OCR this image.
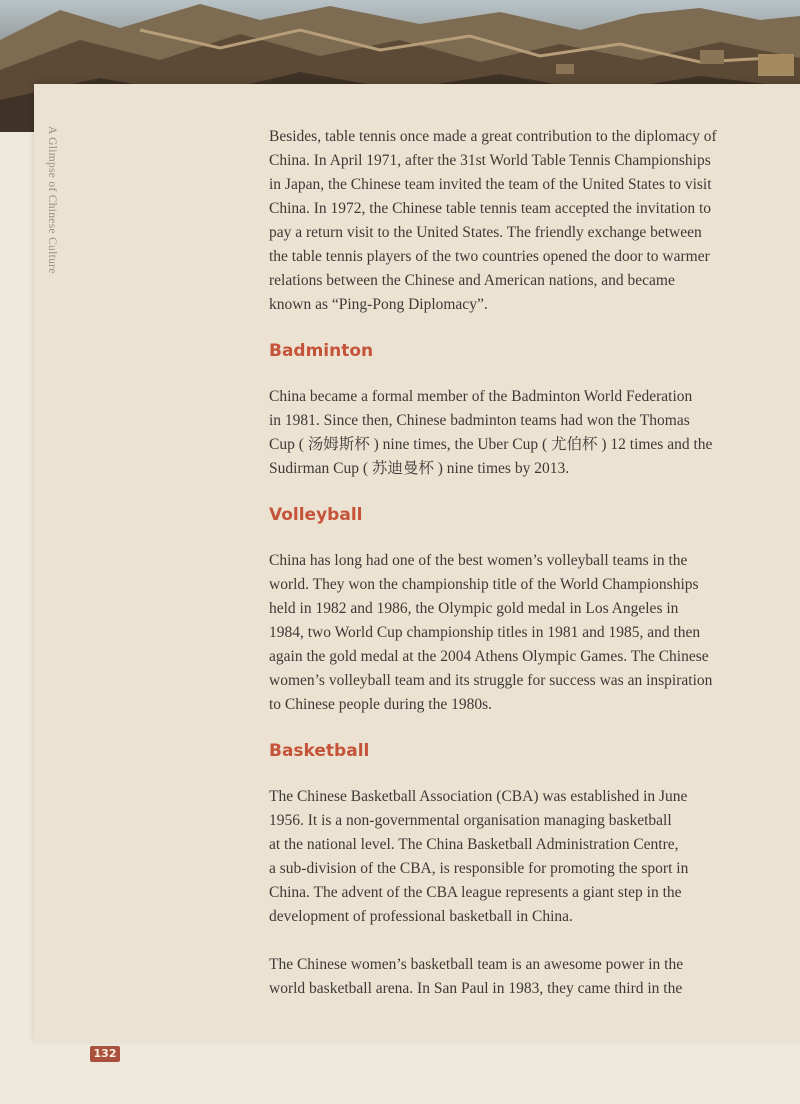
A Glimpse of Chinese Culture	Besides, table tennis once made a great contribution to the diplomacy of
China. In April 1971, after the 31st World Table Tennis Championships
in Japan, the Chinese team invited the team of the United States to visit
China. In 1972, the Chinese table tennis team accepted the invitation to
pay a return visit to the United States. The friendly exchange between
the table tennis players of the two countries opened the door to warmer
relations between the Chinese and American nations, and became
known as “Ping-Pong Diplomacy”.

Badminton

China became a formal member of the Badminton World Federation
in 1981. Since then, Chinese badminton teams had won the Thomas
Cup ( 汤姆斯杯 ) nine times, the Uber Cup ( 尤伯杯 ) 12 times and the
Sudirman Cup ( 苏迪曼杯 ) nine times by 2013.

Volleyball

China has long had one of the best women’s volleyball teams in the
world. They won the championship title of the World Championships
held in 1982 and 1986, the Olympic gold medal in Los Angeles in
1984, two World Cup championship titles in 1981 and 1985, and then
again the gold medal at the 2004 Athens Olympic Games. The Chinese
women’s volleyball team and its struggle for success was an inspiration
to Chinese people during the 1980s.

Basketball

The Chinese Basketball Association (CBA) was established in June
1956. It is a non-governmental organisation managing basketball
at the national level. The China Basketball Administration Centre,
a sub-division of the CBA, is responsible for promoting the sport in
China. The advent of the CBA league represents a giant step in the
development of professional basketball in China.

The Chinese women’s basketball team is an awesome power in the
world basketball arena. In San Paul in 1983, they came third in the

132
